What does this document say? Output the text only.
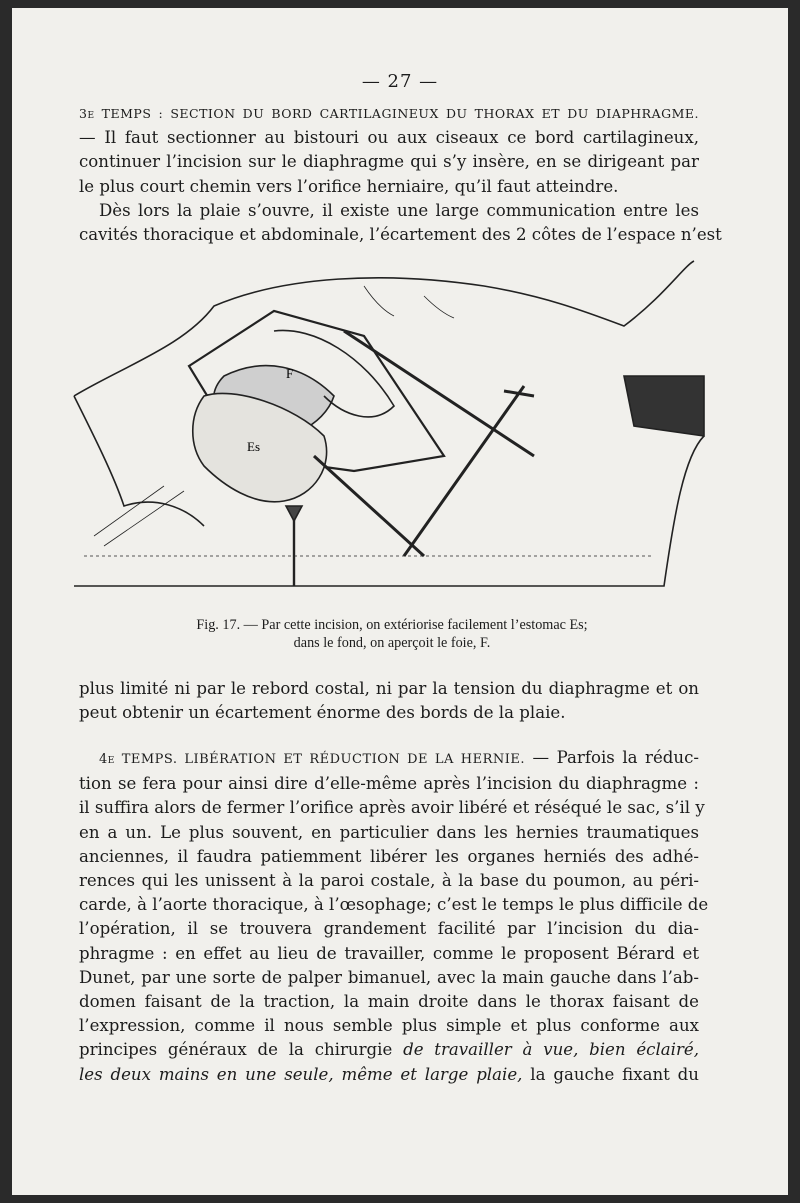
— 27 —
3e TEMPS : SECTION DU BORD CARTILAGINEUX DU THORAX ET DU DIAPHRAGME.
— Il faut sectionner au bistouri ou aux ciseaux ce bord cartilagineux,
continuer l’incision sur le diaphragme qui s’y insère, en se dirigeant par
le plus court chemin vers l’orifice herniaire, qu’il faut atteindre.
Dès lors la plaie s’ouvre, il existe une large communication entre les
cavités thoracique et abdominale, l’écartement des 2 côtes de l’espace n’est
Es
F
Fig. 17. — Par cette incision, on extériorise facilement l’estomac Es;
dans le fond, on aperçoit le foie, F.
plus limité ni par le rebord costal, ni par la tension du diaphragme et on
peut obtenir un écartement énorme des bords de la plaie.
4e TEMPS. LIBÉRATION ET RÉDUCTION DE LA HERNIE. — Parfois la réduc-
tion se fera pour ainsi dire d’elle-même après l’incision du diaphragme :
il suffira alors de fermer l’orifice après avoir libéré et réséqué le sac, s’il y
en a un. Le plus souvent, en particulier dans les hernies traumatiques
anciennes, il faudra patiemment libérer les organes herniés des adhé-
rences qui les unissent à la paroi costale, à la base du poumon, au péri-
carde, à l’aorte thoracique, à l’œsophage; c’est le temps le plus difficile de
l’opération, il se trouvera grandement facilité par l’incision du dia-
phragme : en effet au lieu de travailler, comme le proposent Bérard et
Dunet, par une sorte de palper bimanuel, avec la main gauche dans l’ab-
domen faisant de la traction, la main droite dans le thorax faisant de
l’expression, comme il nous semble plus simple et plus conforme aux
principes généraux de la chirurgie de travailler à vue, bien éclairé,
les deux mains en une seule, même et large plaie, la gauche fixant du
